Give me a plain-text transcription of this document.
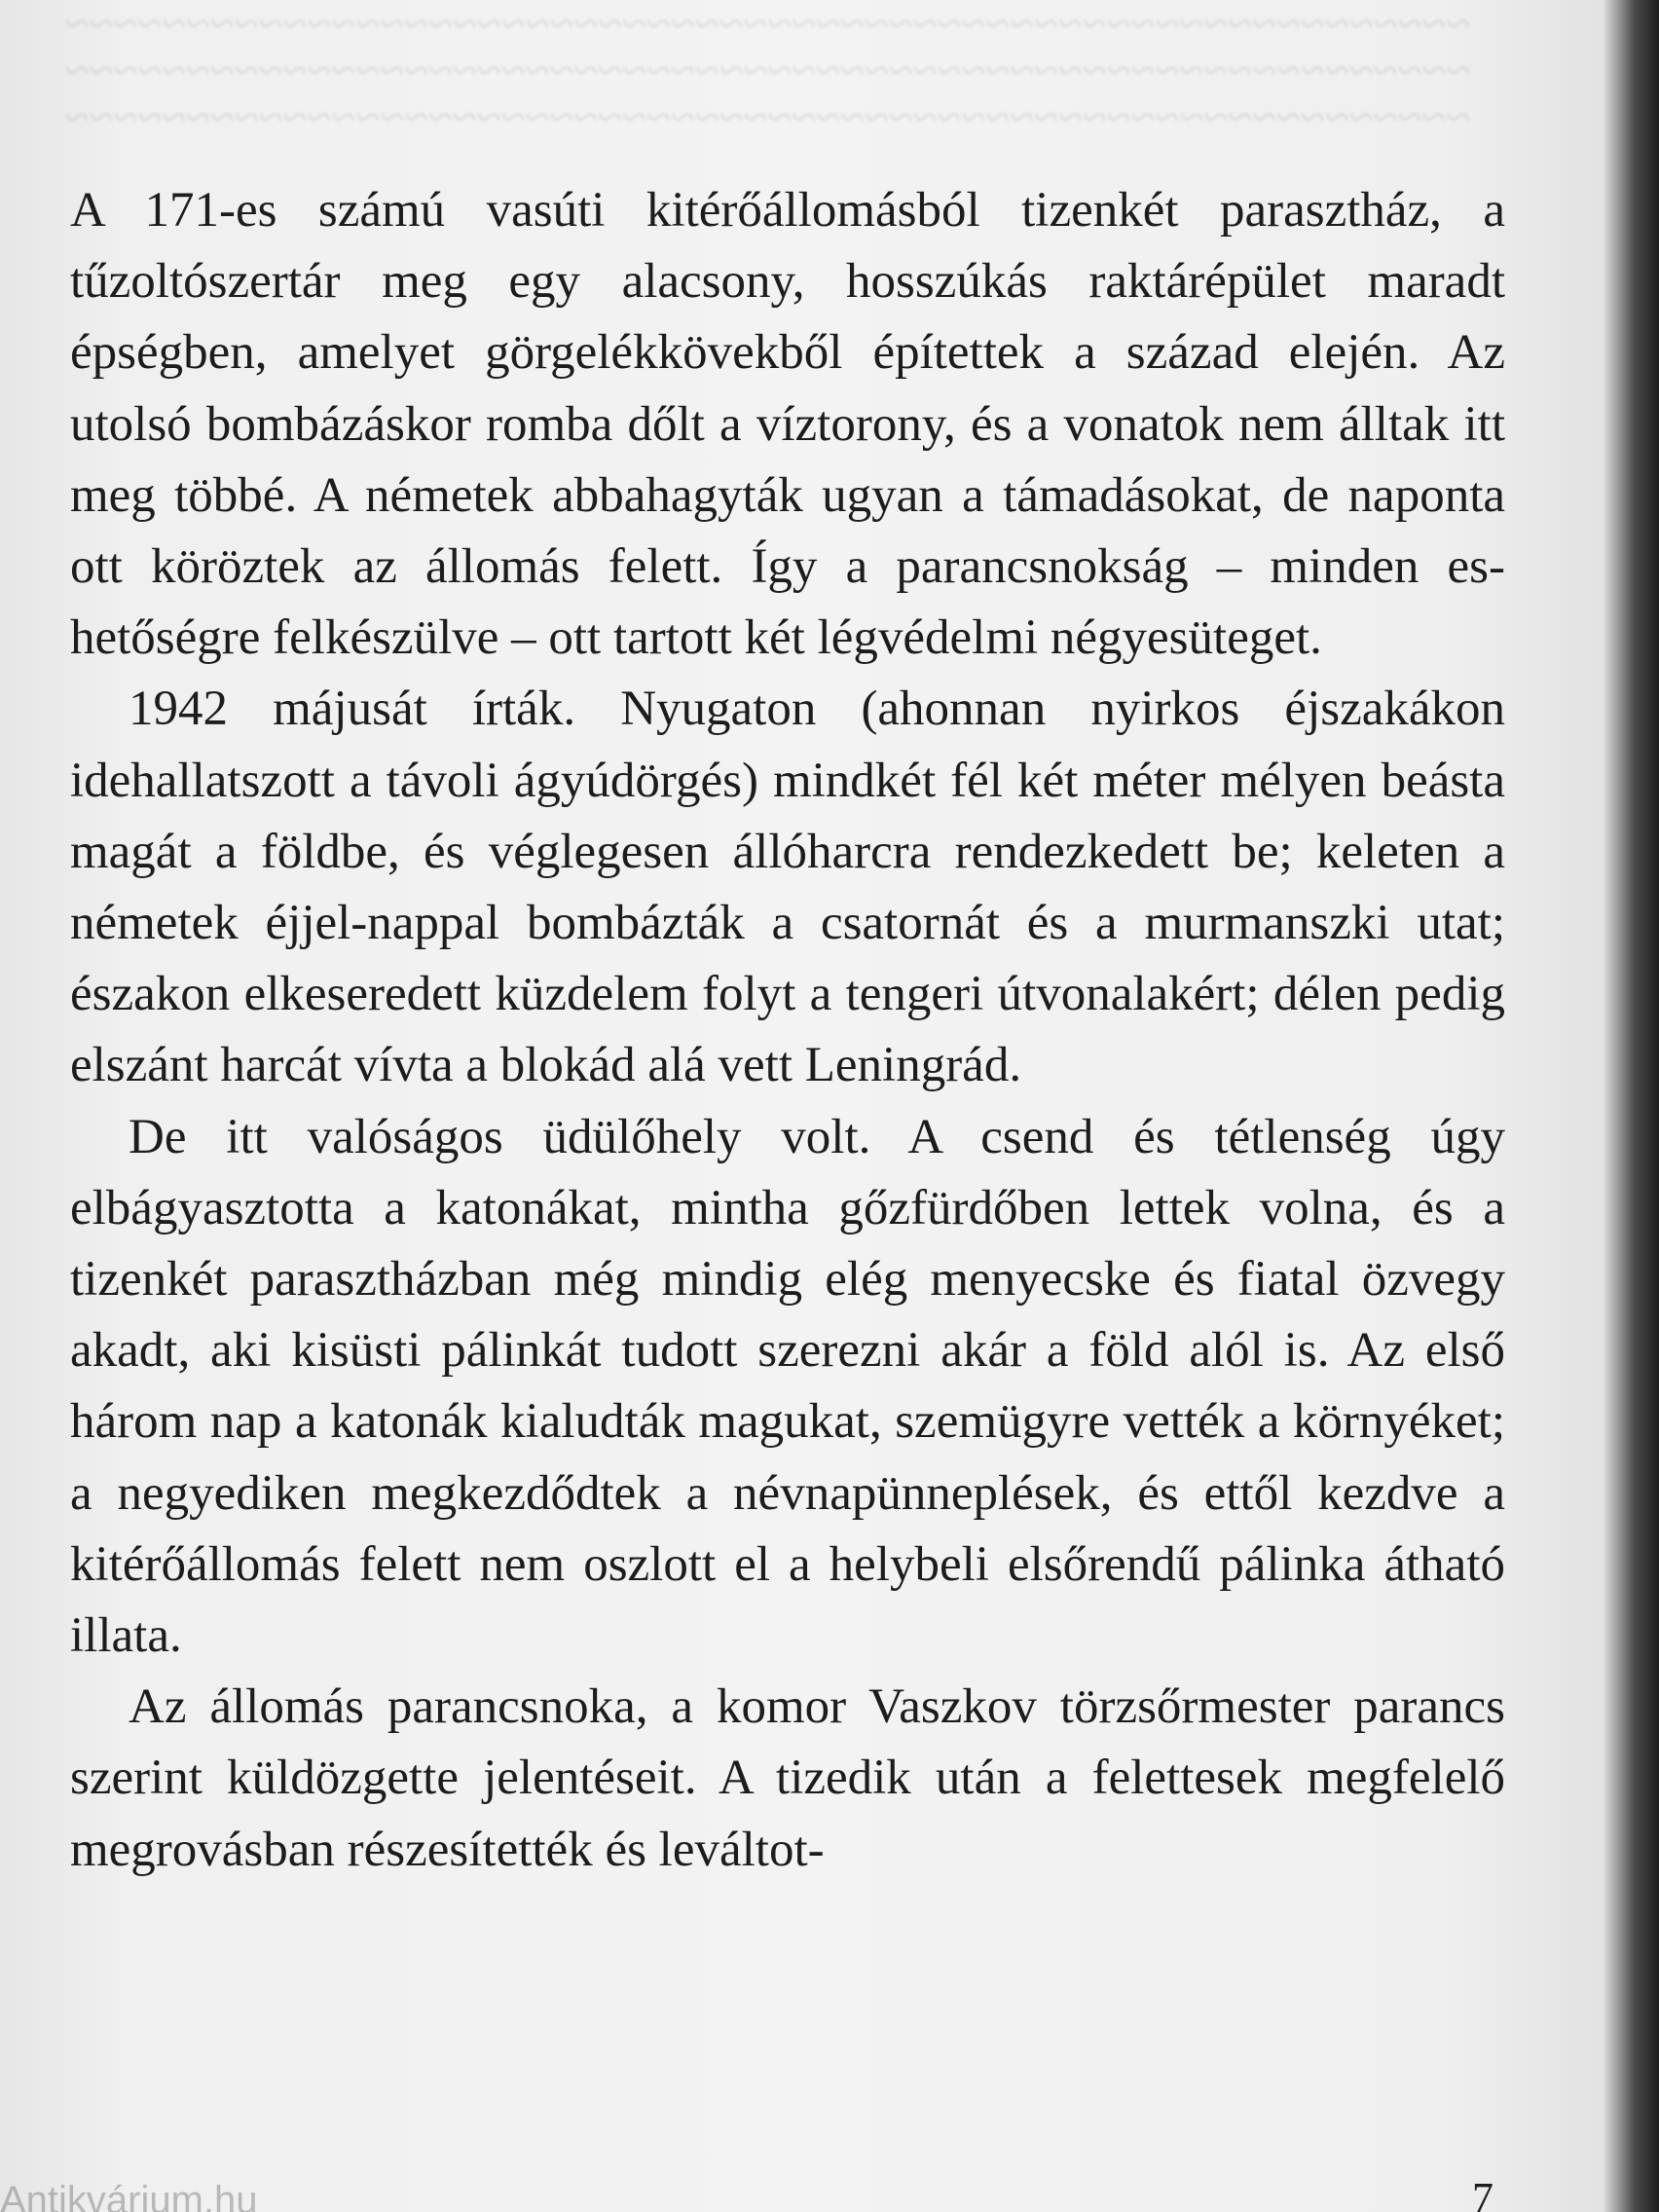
~~~~~~~~~~~~~~~~~~~~~~~~~~~~~~~~~~~~~~~~~~~~~~~~~~~~~~~~~~
~~~~~~~~~~~~~~~~~~~~~~~~~~~~~~~~~~~~~~~~~~~~~~~~~~~~~~~~~~
~~~~~~~~~~~~~~~~~~~~~~~~~~~~~~~~~~~~~~~~~~~~~~~~~~~~~~~~~~

A 171-es számú vasúti kitérőállomásból tizenkét parasztház, a tűzoltószertár meg egy alacsony, hosszúkás raktárépület maradt épségben, amelyet görgelékkövekből építettek a század elején. Az utolsó bombázáskor romba dőlt a víztorony, és a vonatok nem álltak itt meg többé. A németek abbahagyták ugyan a támadásokat, de naponta ott köröztek az állomás felett. Így a parancsnokság – minden eshetőségre felkészülve – ott tartott két légvédelmi négyesüteget.

1942 májusát írták. Nyugaton (ahonnan nyirkos éjszakákon idehallatszott a távoli ágyúdörgés) mindkét fél két méter mélyen beásta magát a földbe, és véglegesen állóharcra rendezkedett be; keleten a németek éjjel-nappal bombázták a csatornát és a murmanszki utat; északon elkeseredett küzdelem folyt a tengeri útvonalakért; délen pedig elszánt harcát vívta a blokád alá vett Leningrád.

De itt valóságos üdülőhely volt. A csend és tétlenség úgy elbágyasztotta a katonákat, mintha gőzfürdőben lettek volna, és a tizenkét parasztházban még mindig elég menyecske és fiatal özvegy akadt, aki kisüsti pálinkát tudott szerezni akár a föld alól is. Az első három nap a katonák kialudták magukat, szemügyre vették a környéket; a negyediken megkezdődtek a névnapünneplések, és ettől kezdve a kitérőállomás felett nem oszlott el a helybeli elsőrendű pálinka átható illata.

Az állomás parancsnoka, a komor Vaszkov törzsőrmester parancs szerint küldözgette jelentéseit. A tizedik után a felettesek megfelelő megrovásban részesítették és leváltot-

7
Antikvárium.hu
